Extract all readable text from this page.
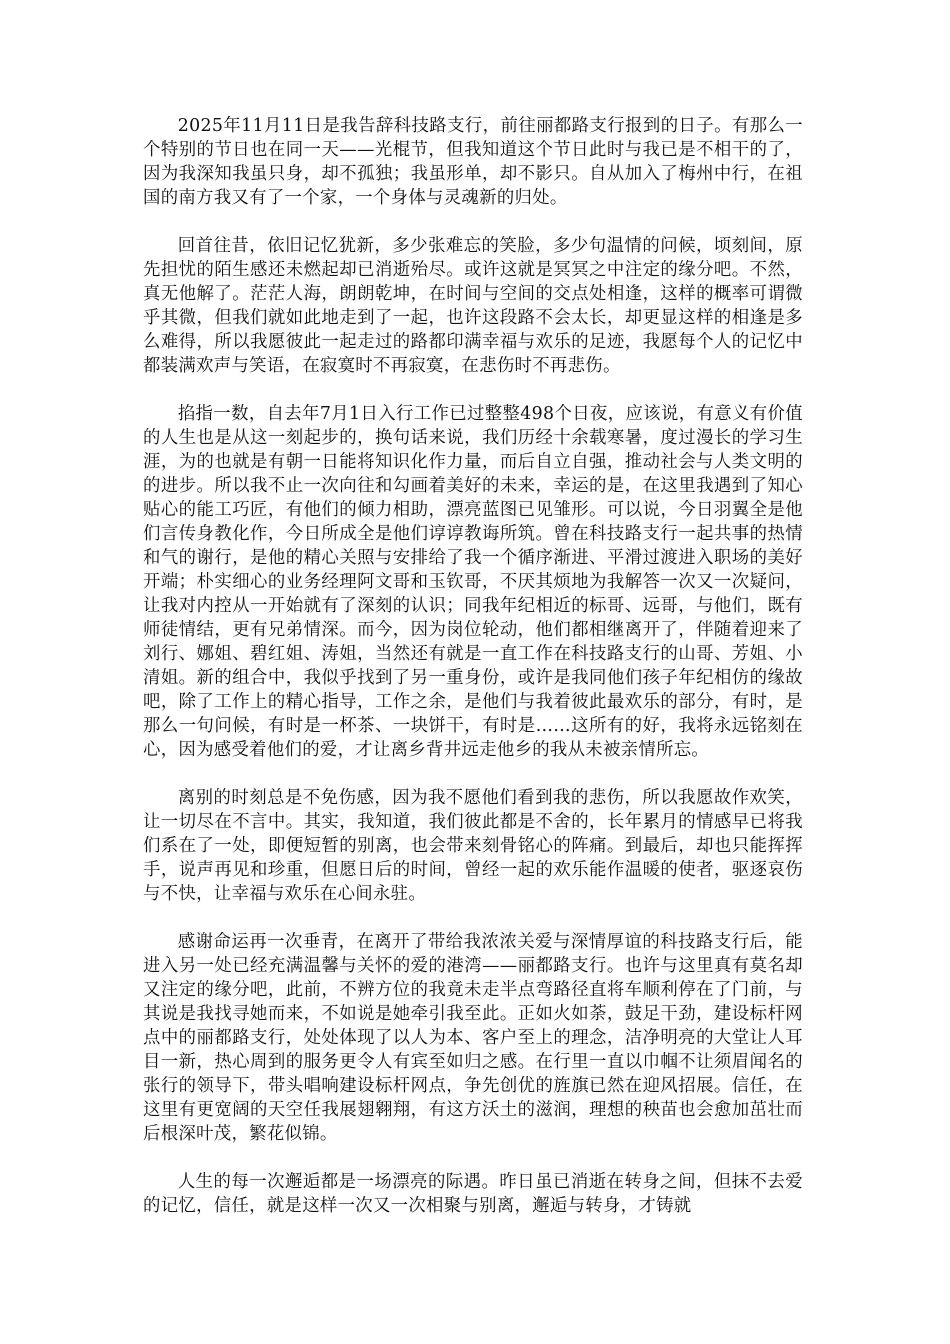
2025年11月11日是我告辞科技路支行，前往丽都路支行报到的日子。有那么一个特别的节日也在同一天——光棍节，但我知道这个节日此时与我已是不相干的了，因为我深知我虽只身，却不孤独；我虽形单，却不影只。自从加入了梅州中行，在祖国的南方我又有了一个家，一个身体与灵魂新的归处。

回首往昔，依旧记忆犹新，多少张难忘的笑脸，多少句温情的问候，顷刻间，原先担忧的陌生感还未燃起却已消逝殆尽。或许这就是冥冥之中注定的缘分吧。不然，真无他解了。茫茫人海，朗朗乾坤，在时间与空间的交点处相逢，这样的概率可谓微乎其微，但我们就如此地走到了一起，也许这段路不会太长，却更显这样的相逢是多么难得，所以我愿彼此一起走过的路都印满幸福与欢乐的足迹，我愿每个人的记忆中都装满欢声与笑语，在寂寞时不再寂寞，在悲伤时不再悲伤。

掐指一数，自去年7月1日入行工作已过整整498个日夜，应该说，有意义有价值的人生也是从这一刻起步的，换句话来说，我们历经十余载寒暑，度过漫长的学习生涯，为的也就是有朝一日能将知识化作力量，而后自立自强，推动社会与人类文明的的进步。所以我不止一次向往和勾画着美好的未来，幸运的是，在这里我遇到了知心贴心的能工巧匠，有他们的倾力相助，漂亮蓝图已见雏形。可以说，今日羽翼全是他们言传身教化作，今日所成全是他们谆谆教诲所筑。曾在科技路支行一起共事的热情和气的谢行，是他的精心关照与安排给了我一个循序渐进、平滑过渡进入职场的美好开端；朴实细心的业务经理阿文哥和玉钦哥，不厌其烦地为我解答一次又一次疑问，让我对内控从一开始就有了深刻的认识；同我年纪相近的标哥、远哥，与他们，既有师徒情结，更有兄弟情深。而今，因为岗位轮动，他们都相继离开了，伴随着迎来了刘行、娜姐、碧红姐、涛姐，当然还有就是一直工作在科技路支行的山哥、芳姐、小清姐。新的组合中，我似乎找到了另一重身份，或许是我同他们孩子年纪相仿的缘故吧，除了工作上的精心指导，工作之余，是他们与我着彼此最欢乐的部分，有时，是那么一句问候，有时是一杯茶、一块饼干，有时是……这所有的好，我将永远铭刻在心，因为感受着他们的爱，才让离乡背井远走他乡的我从未被亲情所忘。

离别的时刻总是不免伤感，因为我不愿他们看到我的悲伤，所以我愿故作欢笑，让一切尽在不言中。其实，我知道，我们彼此都是不舍的，长年累月的情感早已将我们系在了一处，即便短暂的别离，也会带来刻骨铭心的阵痛。到最后，却也只能挥挥手，说声再见和珍重，但愿日后的时间，曾经一起的欢乐能作温暖的使者，驱逐哀伤与不快，让幸福与欢乐在心间永驻。

感谢命运再一次垂青，在离开了带给我浓浓关爱与深情厚谊的科技路支行后，能进入另一处已经充满温馨与关怀的爱的港湾——丽都路支行。也许与这里真有莫名却又注定的缘分吧，此前，不辨方位的我竟未走半点弯路径直将车顺利停在了门前，与其说是我找寻她而来，不如说是她牵引我至此。正如火如荼，鼓足干劲，建设标杆网点中的丽都路支行，处处体现了以人为本、客户至上的理念，洁净明亮的大堂让人耳目一新，热心周到的服务更令人有宾至如归之感。在行里一直以巾帼不让须眉闻名的张行的领导下，带头唱响建设标杆网点，争先创优的旌旗已然在迎风招展。信任，在这里有更宽阔的天空任我展翅翱翔，有这方沃土的滋润，理想的秧苗也会愈加茁壮而后根深叶茂，繁花似锦。

人生的每一次邂逅都是一场漂亮的际遇。昨日虽已消逝在转身之间，但抹不去爱的记忆，信任，就是这样一次又一次相聚与别离，邂逅与转身，才铸就
